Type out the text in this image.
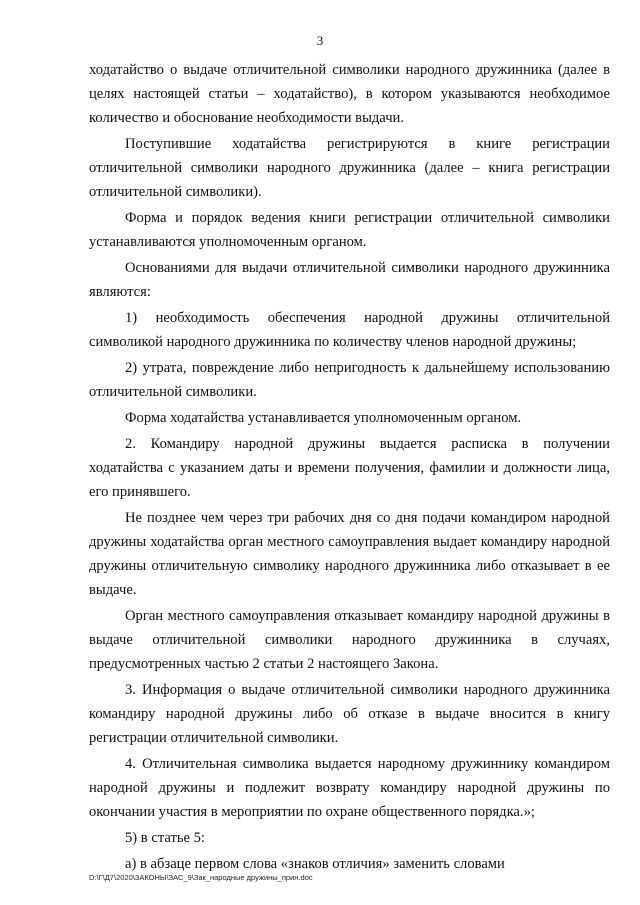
3

ходатайство о выдаче отличительной символики народного дружинника (далее в целях настоящей статьи – ходатайство), в котором указываются необходимое количество и обоснование необходимости выдачи.

Поступившие ходатайства регистрируются в книге регистрации отличительной символики народного дружинника (далее – книга регистрации отличительной символики).

Форма и порядок ведения книги регистрации отличительной символики устанавливаются уполномоченным органом.

Основаниями для выдачи отличительной символики народного дружинника являются:

1) необходимость обеспечения народной дружины отличительной символикой народного дружинника по количеству членов народной дружины;

2) утрата, повреждение либо непригодность к дальнейшему использованию отличительной символики.

Форма ходатайства устанавливается уполномоченным органом.

2. Командиру народной дружины выдается расписка в получении ходатайства с указанием даты и времени получения, фамилии и должности лица, его принявшего.

Не позднее чем через три рабочих дня со дня подачи командиром народной дружины ходатайства орган местного самоуправления выдает командиру народной дружины отличительную символику народного дружинника либо отказывает в ее выдаче.

Орган местного самоуправления отказывает командиру народной дружины в выдаче отличительной символики народного дружинника в случаях, предусмотренных частью 2 статьи 2 настоящего Закона.

3. Информация о выдаче отличительной символики народного дружинника командиру народной дружины либо об отказе в выдаче вносится в книгу регистрации отличительной символики.

4. Отличительная символика выдается народному дружиннику командиром народной дружины и подлежит возврату командиру народной дружины по окончании участия в мероприятии по охране общественного порядка.»;

5) в статье 5:

а) в абзаце первом слова «знаков отличия» заменить словами

D:\Г\Д7\2020\ЗАКОНЫ\ЗАС_9\Зак_народные дружины_прин.doc
